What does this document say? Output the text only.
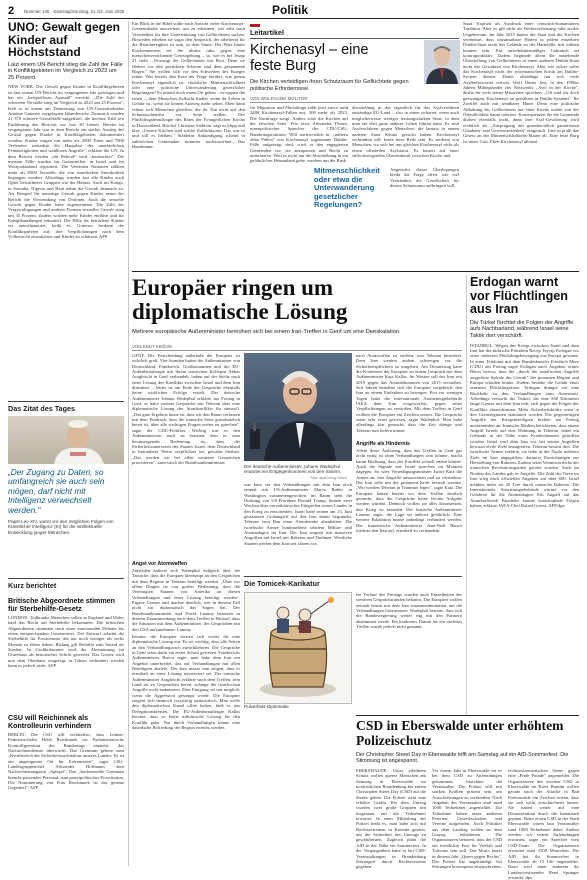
2 Nummer 140 · Samstag/Sonntag, 21./22. Juni 2025	Politik
UNO: Gewalt gegen Kinder auf Höchststand

Laut einem UN-Bericht stieg die Zahl der Fälle in Konfliktgebieten im Vergleich zu 2023 um 25 Prozent.

NEW YORK. Die Gewalt gegen Kinder in Konfliktgebieten ist laut einem UN-Bericht im vergangenen Jahr gestiegen und hat ein „beispielloses Ausmaß" erreicht. „Die Zahl der schweren Verstöße stieg im Vergleich zu 2023 um 25 Prozent", hieß es in einem am Donnerstag von UN-Generalsekretär António Guterres vorgelegten Jahresbericht. Demnach wurden 41 370 schwere Gewaltfälle aufgelistet, die höchste Zahl seit Einführung des Berichts vor fast 30 Jahren. Bereits im vergangenen Jahr war in dem Bericht ein starker Anstieg der Gewalt gegen Kinder in Konfliktgebieten dokumentiert worden. Kinder trügen mit mehr als 4500 Toten und 7000 Verletzten weiterhin die Hauptlast der unerbittlichen Feindseligkeiten und wahllosen Angriffe", erklärte die UN. In dem Bericht werden „ein Rekord" wird „beobachtet". Die meisten Fälle wurden im Gazastreifen, in Israel und im Westjordanland registriert. Die Vereinten Nationen zählten mehr als 8500 Verstöße, die von israelischen Streitkräften begangen wurden. Allerdings wurden fast alle Kinder auch Opfer bewaffneter Gruppen wie der Hamas. Auch im Kongo, in Somalia, Nigeria und Haiti nahm die Gewalt demnach zu. Als Beispiel für neuartige Gewalt gegen Kinder nennt der Bericht die Verwendung von Drohnen. Auch die sexuelle Gewalt gegen Kinder habe zugenommen. Die Zahl der Vergewaltigungen und anderer Formen sexueller Gewalt stieg um 35 Prozent. Zudem wurden mehr Kinder entführt und für Kampfhandlungen rekrutiert. Die Hilfe für betroffene Kinder sei unterfinanziert, heißt es. Guterres forderte die Konfliktparteien auf, ihre Verpflichtungen nach dem Völkerrecht einzuhalten und Kinder zu schützen. AFP

Das Zitat des Tages

„Der Zugang zu Daten, so umfangreich sie auch sein mögen, darf nicht mit Intelligenz verwechselt werden."

Papst Leo XIV. warnt vor den möglichen Folgen von Künstlicher Intelligenz (KI) für die intellektuelle Entwicklung junger Menschen.

Kurz berichtet
Britische Abgeordnete stimmen für Sterbehilfe-Gesetz

LONDON. Todkranke Menschen sollen in England und Wales bald das Recht auf Sterbehilfe bekommen. Die britischen Abgeordneten stimmten nach einer emotionalen Debatte für einen entsprechenden Gesetzestext. Der Entwurf erlaubt die Sterbehilfe für Erwachsene, die nur noch weniger als sechs Monate zu leben haben. Bislang gilt Beihilfe zum Suizid als Straftat. In Großbritannien wird die Abstimmung im Unterhaus als historischer Schritt gewertet. Das Gesetz wird nun dem Oberhaus vorgelegt, in Gänze verhindert werden kann es jedoch nicht. AFP

CSU will Reichinnek als Kontrolleurin verhindern

BERLIN. Die CSU will verhindern, dass Linken-Fraktionschefin Heidi Reichinnek ins Parlamentarische Kontrollgremium des Bundestags einzieht, das Nachrichtendienste überwacht. Das Gremium gehöre zum „Kernbereich der Sicherheitsarchitektur unseres Landes. Es ist ein ungeeigneter Ort für Extremisten", sagte CSU-Landesgruppenchef Alexander Hoffmann dem Nachrichtenmagazin „Spiegel". Das „hochsensible Gremium braucht passendes Personal, statt parteipolitischer Provokation. Die Nominierung von Frau Reichinnek ist das genaue Gegenteil". AFP

Ein Blick in die Bibel sollte nach Ansicht vieler Kirchenasyl-Gemeinderäte ausreichen, um zu erkennen, wie sehr nach Verständnis für ihre Unterstützung von Geflüchteten suchen. Bisweilen erheben sie sogar den Anspruch, der arbeiterin für die Barmherzigkeit zu sein, in dem Sinne: Der Platz hinter Kirchenmauern sei die ultima ratio gegen eine menschenverachtende Gesetzgebung – so, wie es bei Jesaja 21 steht: „Verwurgt die Geflüchteten mit Brot. Denn sie fliehen vor den gezückten Schwert und dem gespannten Bogen." Sie wollen sich vor den Schwerten des Krieges retten. Was bereits den Kern der Frage berührt, was genau Kirchenasyl eigentlich ist: christliche Mitmenschlichkeit oder eine politische Unterwanderung gesetzlicher Regelungen? Es nimmt doch einen Ort gehen – es segnen die einen –, dem Menschen Zuflucht finden, wenn ihr Leben in Gefahr ist, wenn sie keinen Ausweg mehr sehen. Eben dann reihen sich Menschen gleichen, die ihr Tun nicht auf den Schutzsuchenden vor Seite stellen. Der Flüchtlingsbeauftragte des Rates der Evangelischen Kirche in Deutschland, Bischof Christian Stäblein, sagt es klipp und klar: „Unsere Kirchen sind solche Zufluchtsorte. Das war so und soll es bleiben." Stäbleins Ankündigung scheint in zahlreichen Gemeinden mitunter nachzuwirken. Das Bundesamt

Leitartikel
Kirchenasyl – eine feste Burg

Die Kirchen verteidigen ihren Schutzraum für Geflüchtete gegen politische Erfordernisse.

VON WOLFGANG MOLITOR

für Migration und Flüchtlinge zählt jetzt zuvor rund 2400 Kirchenasyl-Fällen aus, 300 mehr als 2023. Die Nachfrage steigt. Anders wäre die Kirchen auf der falschen Seite. Wie etwa Alexander Throm, innenpolitischer Sprecher der CDU/CSU-Bundestagsfraktion. Will nachweislich in: „nahezu allen Fällen" von Kirchenasyl sogenannte Dublin-Fälle aufgezeigt sind, wirft er den engagierten Gemeinden vor, sie anzupassen und Recht zu unterlaufen. Weil es nicht um die Abschiebung in ein gefährliches Heimatland gehe, sondern um die Rück

überstellung in das eigentlich für das Asylverfahren zuständige EU-Land – also in einen sicheren, wenn auch möglicherweise weniger leistungsstarken Staat, in dem man ein eher ganz anderes Leben führen kann. Es sind Asylverfahren gegen Menschen, die bereits in einem anderen Staat Schutz gesucht haben. Kirchenasyl verhindern soll, keine leere Rede sein. Es verdient von Menschen, wo sich bei uns gleichen Kirchenasyl nicht als einen offiziellen Asylstatut. Es basiert auf einer stillschweigenden Übereinkunft zwischen Kirche und

Mitmenschlichkeit oder etwa die Unterwanderung gesetzlicher Regelungen?

Angesichts dieser Überlegungen bleibt die Frage offen, wie viel Verständnis die Gesellschaft für diesen Schutzraum aufbringen will.

Staat. Explizit als Ausdruck einer christlich-humanitären Tradition. Aber es gilt nicht als Rechtsverletzung oder ziviler Ungehorsam. Im Jahr 2015 hatten der Staat und die Kirchen vereinbart, dass unzumutbare Härten in jedem einzelnen Dublin-Staat nicht das Gelände zu der Härtefälle, mit wählen können sein. Ein unverhältnismäßiger Gebrauch sei kontraproduktiv. Zudem beginnde allein die anstehende Überstellung von Geflüchteten in einen anderen Dublin-Staat nicht das Gewähren von Kirchenasyl. Aber wie sicher sollte das Kirchenasyl nicht der systematischen Kritik am Dublin-System dienen. Damit allerdings tun sich viele Asylbefürworter schwer. Wolf Dieter Just, in den 1990er Jahren Mitbegründer des Netzwerks „Asyl in der Kirche", dürfte für viele seiner Mitstreiter sprechen: „Oft sind wir doch gezwungen, Kirchenasyl zu gewähren in Dublin-Systems". Ihr Zweifel auch mit sendbarer Härte. Denn eine politische Abhaltung der Geflüchteten aus einer Kirche würde von der Öffentlichkeit kaum toleriert. Konsequenzen für die Gemeinde drohen ebenfalls nicht, denn ihre Asyl-Gewährung wird rechtlich als „Ausprägung der grundrechtlich garantierten Glaubens- und Gewissensfreiheit" eingestuft. Und so prallt das Gesetz an der Mitmenschlichkeits-Mauer ab. Eine feste Burg ist unser Gott. Eben Kirchenasyl allemal.

Europäer ringen um diplomatische Lösung

Mehrere europäische Außenminister bemühen sich bei einem Iran-Treffen in Genf um eine Deeskalation.

VON KNUT KRÖHN

GENF. Die Entscheidung außerhalb der Europäer ist sichtlich groß. Vier Stunden hatten die Außenminister von Deutschland, Frankreich, Großbritannien und die EU-Außenbeauftragte mit ihrem iranischen Kollegen Abbas Araghtschi in Genf verhandelt, haben auf der Suche nach einer Lösung des Konflikts zwischen Israel und dem Iran diskutiert – leider ist am Ende der Gespräche ebenfalls keine wirklichen Erfolge erzielt. Der deutsche Außenminister Johann Wadephul erklärte am Freitag in Genf, er halte weitere Gespräche mit Teheran über eine diplomatische Lösung des Atomkonflikts für sinnvoll. „Das gute Ergebnis heute ist, dass wir den Raum verlassen mit dem Eindruck, dass die iranische Seite grundsätzlich bereit ist, über alle wichtigen Fragen weiter zu sprechen", sagte der CDU-Politiker. Wichtig war es den Außenministern nach zu betonen, dass es vom herausragender Bedeutung ist, dass die Sicherheitsinteressen des Staates Israel, dem Deutschland in besonderer Weise verpflichtet sei, gewahrt bleiben. „Das werden wir bei allen weiteren Gesprächen priorisieren", unterstrich der Bundesaußenminister.

Angst vor Atomwaffen

Zufrieden äußerte sich Wadephul lediglich über die Tatsache, dass die Europäer überhaupt an den Gesprächen mit dem Regime in Teheran beteiligt werden. „Über vor allem Dingen ist von großer Bedeutung, dass die Vereinigten Staaten von Amerika an diesen Verhandlungen und einer Lösung beteiligt werden". Eigene Grenze und machte deutlich, wer in diesem Fall nicht zur diplomatisch das Sagen hat. Der Bundesaußenminister und David Lammy betonten in diesem Zusammenhang nach dem Treffen in Brüssel, dass die Situation mit dem Außenminister, der Gesprächen mit den USA aufzunehmen. Lammy

Der deutsche Außenminister Johann Wadephul erwartet ein Entgegenkommen von den Iranern.

Foto: dpa/Georg Hroch

war kurz vor den Verhandlungen mit dem Iran noch einmal mit US-Außenminister Marco Rubio in Washington zusammengetroffen, im Raum steht die Drohung von US-Präsident Donald Trump, binnen zwei Wochen über ein militärisches Eingreifen seines Landes in den Krieg zu entscheiden. Israel hatte seinen am 13. Juni gestarteten Großangriff auf den Iran damit begründet, Teheran vom Bau einer Atombombe abzuhalten. Die israelische Armee bombardierte seitdem Militär- und Atomanlagen im Iran. Der Iran reagiert mit massiven Angriffen auf Israel mit Raketen und Drohnen. Westliche Staaten werfen dem Iran seit Jahren vor,

nach Atomwaffen zu streben, was Teheran bestreitet. Dem Iran werden zudem schweigen vor die Sicherheitspflichten zu umgehen. Am Donnerstag hatte die Konferenz der Europäer zu einem Gespräch mit dem Außenminister Kaja Kallas. Im Westen soll der Iran seit 2019 gegen das Atomabkommen von 2015 verstoßen. Seit Jahren bemühte sich die Europäer vergeblich, den Iran zu einem Einlenken zu bewegen. Erst vor wenigen Tagen hatte die internationale Atomenergiebehörde IAEA dem Iran vorgeworfen, gegen seine Verpflichtungen zu verstoßen. Mit dem Treffen in Genf wollten die Europäer ein Zeichen setzen. Die Gespräche seien sehr ernst gewesen, sagte Wadephul. Man habe allerdings klar gemacht, dass die Zeit dränge und Teheran nun liefern müsse.

Angriffe als Hindernis

Allein diese Äußerung, dass das Treffen in Genf gar nicht nötig ist ohne Verhandlungen sein könnte, macht kaum Hoffnung, dass der Konflikt schnell enden könnte. Auch die Signale aus Israel sprechen im Moment dagegen. So wies Verteidigungsminister Israel Katz die Armee an, ihre Angriffe auszuweiten und zu verstärken. Der Iran solle mit der gesamten Kraft bestraft werden. „Wir werden Teheran in Trümmer legen", sagte Katz. Die Europäer hatten bereits vor dem Treffen deutlich gemacht, dass die Gespräche keine leichte Aufgabe werden würden. Dennoch wollen sie alles daransetzen, den Krieg zu beenden. Der britische Außenminister Lammy sagte, die Lage sei äußerst gefährlich. Eine weitere Eskalation müsse unbedingt verhindert werden. Der französische Außenminister Jean-Noël Barrot forderte den Iran auf, ernsthaft zu verhandeln.

Die Tomicek-Karikatur
Pulverfass-Diplomatie

Im Verlauf des Freitags wurden auch Einzelheiten der weiteren Gesprächsrunden bekannt. Die Europäer wollen zeitnah erneut mit dem Iran zusammenkommen, um die Verhandlungen fortzusetzen. Wadephul betonte, dass sich die Bundesregierung weiter eng mit den Partnern abstimmen werde. Ein konkretes Datum für ein nächstes Treffen wurde jedoch nicht genannt.

Erdogan warnt vor Flüchtlingen aus Iran

Die Türkei fürchtet die Folgen der Angriffe aufs Nachbarland, während Israel seine Taktik dort verschärft.

ISTANBUL. Wegen des Kriegs zwischen Israel und dem Iran hat der türkische Präsident Recep Tayyip Erdogan vor einer stärkeren Flüchtlingsbewegung aus Europa gewarnt. In einer Telefonat mit dem Bundeskanzler Friedrich Merz (CDU) am Freitag sagte Erdogan nach Angaben seines Büros hervor, dass die „durch die israelischen Angriffe ausgelöste Spirale der Gewalt" der gesamten Region und Europa schaden könne. Zudem bestehe die Gefahr einer erneuten Flüchtlingskrise. Erdogan drängte auf eine Rückkehr zu den Verhandlungen zum Atomstreit. Allerdings versucht die Türkei, die eine 560 Kilometer lange Grenze mit dem Iran teilt, sich gegen die Folgen des Konflikts abzuschirmen. Mehr Sicherheitskräfte seien in den Grenzregionen stationiert worden. Die gegenseitigen Angriffe der Kriegsbeteiligten hielten am Freitag unvermindert an. Iranische Medien berichteten, dass einem Angriff Israels auf eine Wohnung in Teheran, dabei ein Gebäude in der Nähe eines Krankenhauses getroffen worden. Israel warf dem Iran vor, bei seinen Angriffen bewusst zivile Ziele anzugreifen. Teheran bestritt dies. Die israelische Armee erklärte, sie habe in der Nacht mehrere Ziele im Iran angegriffen, darunter Einrichtungen zur Herstellung von Raketen. Zudem seien Verantwortliche der iranischen Revolutionsgarden getötet worden. Auch im Norden des Landes gab es Angriffe. Die Zahl der Toten im Iran stieg nach offiziellen Angaben auf über 600. Israel meldete mehr als 20 Tote durch iranische Raketen. Die Internationale Atomenergiebehörde warnte vor den Gefahren für die Atomanlagen. Ein Angriff auf das Atomkraftwerk Buschehr könnte katastrophale Folgen haben, erklärte IAEA-Chef Rafael Grossi. AFP/dpa

CSD in Eberswalde unter erhöhtem Polizeischutz

Der Christopher Street Day in Eberswalde trifft am Samstag auf ein AfD-Sommerfest. Die Stimmung ist angespannt.

EBERSWALDE. Unter erhöhtem Schutz wollen queere Menschen am Samstag in Eberswalde im nordöstlichen Brandenburg bei einem Christopher Street Day (CSD) auf die Straße gehen. Die Polizei sieht eine erhöhte Gefahr. Bei dem Umzug wurden zwei große Gruppen mit insgesamt um die Teilnehmer erwartet. In einer Mitteilung der Polizei heißt es, man habe sich mit Rechtsextremen in Kontakt gesetzt, um die Sicherheit des Umzugs zu gewährleisten. Zugleich plant die AfD in der Nähe ein Sommerfest. In der Vergangenheit hatte es bei CSD-Veranstaltungen in Brandenburg Störungen durch Rechtsextreme gegeben.

Vor einem Jahr in Eberswalde sei es bei dem CSD zu Anfeindungen gekommen, berichten die Veranstalter. Die Polizei will mit starken Kräften präsent sein, um Ausschreitungen zu verhindern. Nach Angaben der Veranstalter sind rund 1000 Teilnehmer angemeldet. Zur Teilnahme haben unter anderem Parteien, Gewerkschaften und Vereine aufgerufen. Auch Politiker aus dem Landtag wollen an dem Umzug teilnehmen. Die Organisatoren betonen, dass der CSD ein friedliches Fest für Vielfalt und Toleranz sein soll. Das Motto lautet in diesem Jahr „Queer gegen Rechts". Die Polizei hat angekündigt, bei Störungen konsequent einzuschreiten.

rechtsextremistischen Szene gegen eine „Pride Parade" angemeldet. Die Organisatoren des zweiten CSD in Eberswalde im Kreis Barnim wollen gerade nach der Attacke in Bad Freienwalde ein Zeichen setzen, dass sie sich nicht einschüchtern lassen. Sie haben weiter auf eine Demonstration durch die Innenstadt geplant. Beim ersten CSD in der Stadt Eberswalde wären laut Veranstalter rund 1000 Teilnehmer dabei. Zudem werden wir erneut Anfeindungen erwarten, sagte ein Sprecher vom CSD-Team. Die Organisatoren erwarten rund 1500 Menschen. Die AfD hat ihr Sommerfest in Eberswalde ab 15 Uhr angemeldet. Dazu wird unter anderem ihr Landesvorsitzender René Springer erwartet. dpa

betonte, die Europäer setzten sich weiter für eine diplomatische Lösung ein. Es sei wichtig, dass alle Seiten an den Verhandlungstisch zurückkehrten. Die Gespräche in Genf seien dafür ein erster Schritt gewesen. Frankreichs Außenminister Barrot sagte, man habe dem Iran ein Angebot unterbreitet, das auf Verhandlungen mit allen Beteiligten abziele. Der Iran müsse nun zeigen, dass er ernsthaft an einer Lösung interessiert sei. Der iranische Außenminister Araghtschi erklärte nach dem Treffen, sein Land sei zu Gesprächen bereit, solange die israelischen Angriffe nicht andauerten. Eine Einigung sei nur möglich, wenn die Aggression gestoppt werde. Die Europäer zeigten sich dennoch vorsichtig optimistisch. Man wolle den diplomatischen Kanal offen halten, hieß es aus Delegationskreisen. Die EU-Außenbeauftragte Kallas betonte, dass es keine militärische Lösung für den Konflikt gebe. Nur durch Verhandlungen könne eine dauerhafte Befriedung der Region erreicht werden.
